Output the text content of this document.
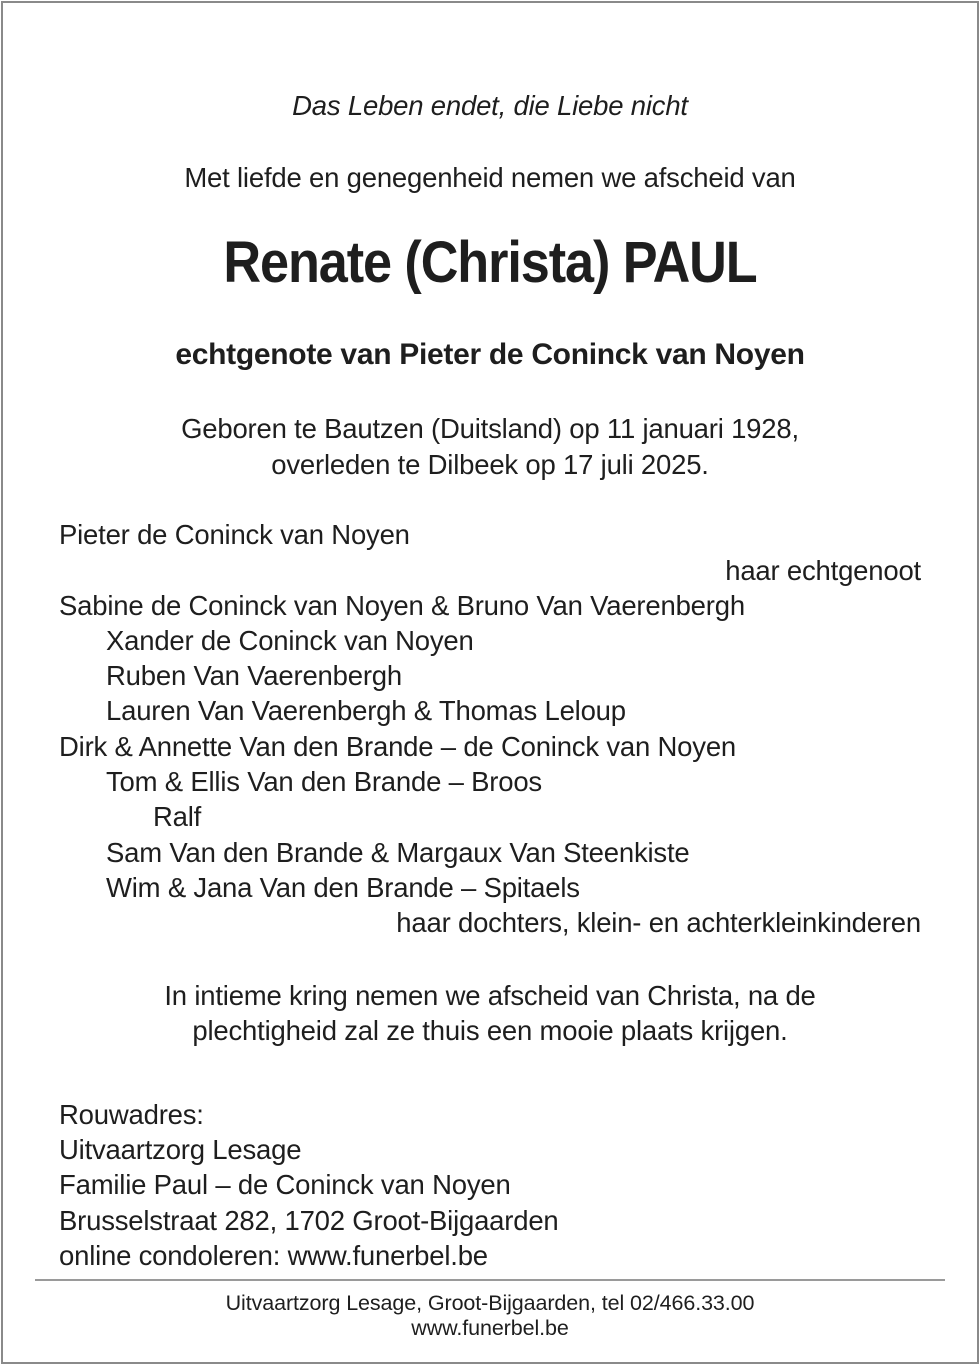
Das Leben endet, die Liebe nicht
Met liefde en genegenheid nemen we afscheid van
Renate (Christa) PAUL
echtgenote van Pieter de Coninck van Noyen
Geboren te Bautzen (Duitsland) op 11 januari 1928,
overleden te Dilbeek op 17 juli 2025.
Pieter de Coninck van Noyen
haar echtgenoot
Sabine de Coninck van Noyen & Bruno Van Vaerenbergh
Xander de Coninck van Noyen
Ruben Van Vaerenbergh
Lauren Van Vaerenbergh & Thomas Leloup
Dirk & Annette Van den Brande – de Coninck van Noyen
Tom & Ellis Van den Brande – Broos
Ralf
Sam Van den Brande & Margaux Van Steenkiste
Wim & Jana Van den Brande – Spitaels
haar dochters, klein- en achterkleinkinderen
In intieme kring nemen we afscheid van Christa, na de
plechtigheid zal ze thuis een mooie plaats krijgen.
Rouwadres:
Uitvaartzorg Lesage
Familie Paul – de Coninck van Noyen
Brusselstraat 282, 1702 Groot-Bijgaarden
online condoleren: www.funerbel.be
Uitvaartzorg Lesage, Groot-Bijgaarden, tel 02/466.33.00
www.funerbel.be
